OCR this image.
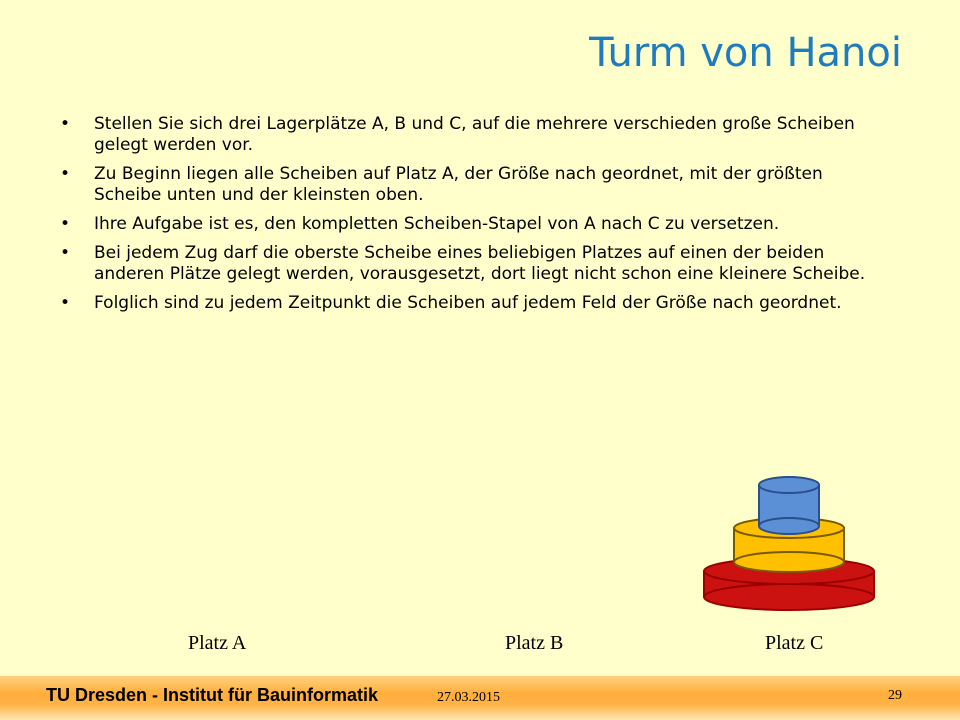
Turm von Hanoi
• Stellen Sie sich drei Lagerplätze A, B und C, auf die mehrere verschieden große Scheiben gelegt werden vor.
• Zu Beginn liegen alle Scheiben auf Platz A, der Größe nach geordnet, mit der größten Scheibe unten und der kleinsten oben.
• Ihre Aufgabe ist es, den kompletten Scheiben-Stapel von A nach C zu versetzen.
• Bei jedem Zug darf die oberste Scheibe eines beliebigen Platzes auf einen der beiden anderen Plätze gelegt werden, vorausgesetzt, dort liegt nicht schon eine kleinere Scheibe.
• Folglich sind zu jedem Zeitpunkt die Scheiben auf jedem Feld der Größe nach geordnet.
Platz A	Platz B	Platz C
TU Dresden - Institut für Bauinformatik	27.03.2015	29
